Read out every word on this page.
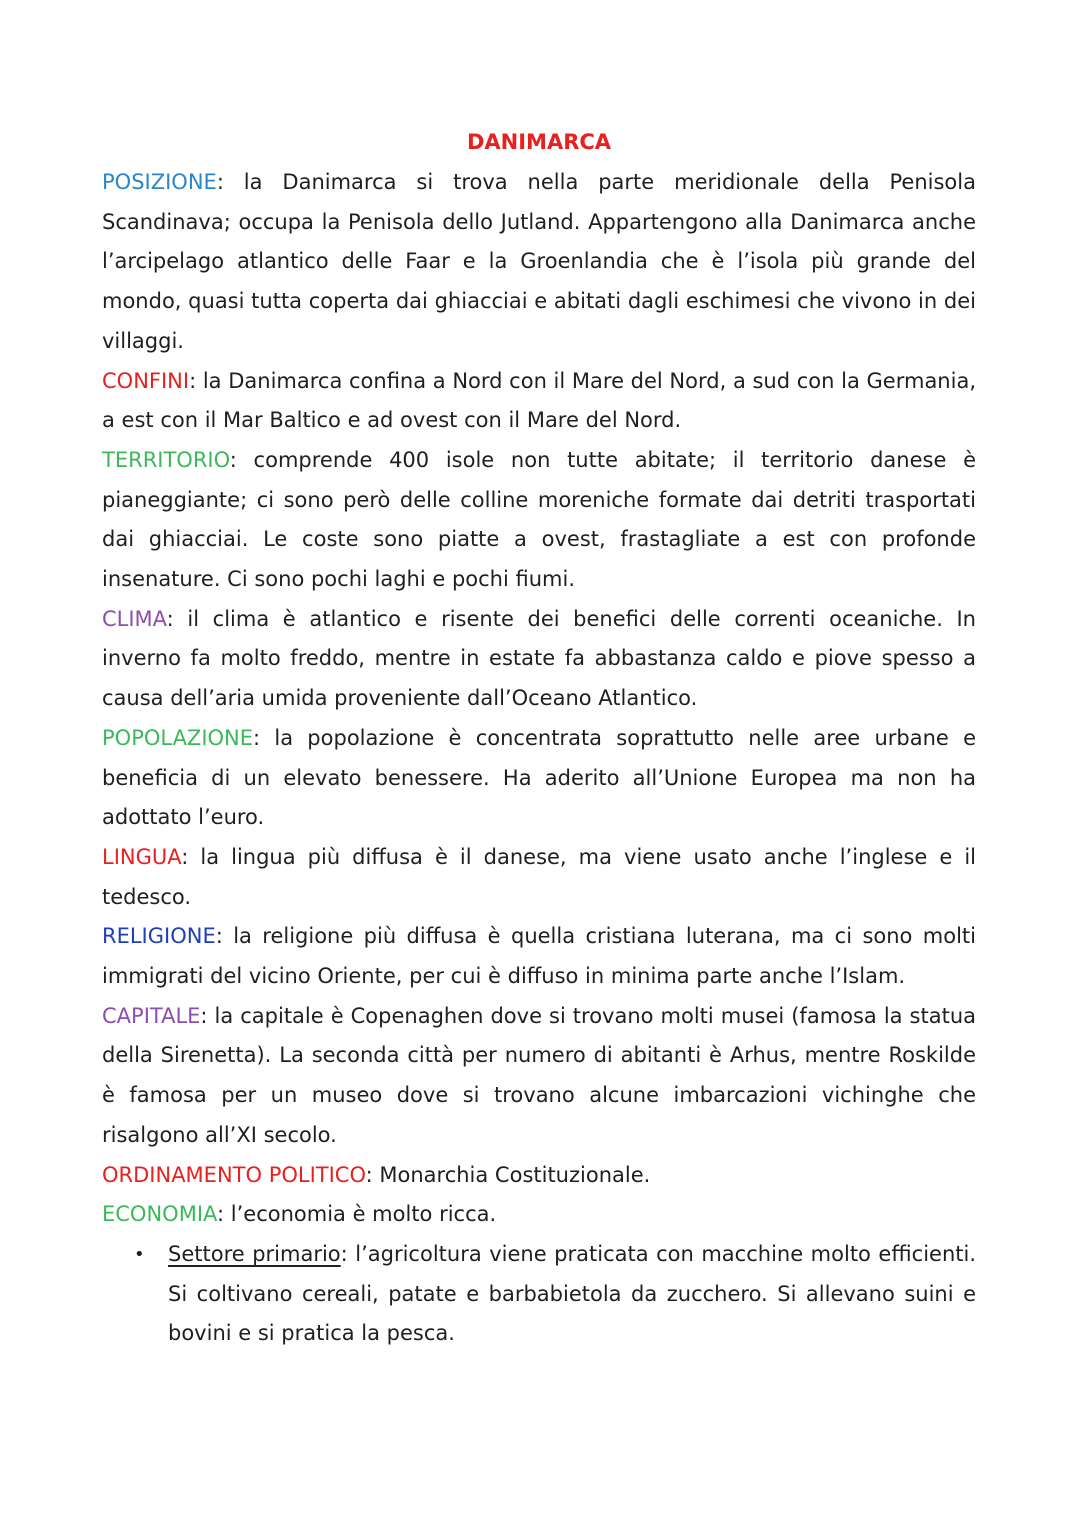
DANIMARCA

POSIZIONE: la Danimarca si trova nella parte meridionale della Penisola Scandinava; occupa la Penisola dello Jutland. Appartengono alla Danimarca anche l’arcipelago atlantico delle Faar e la Groenlandia che è l’isola più grande del mondo, quasi tutta coperta dai ghiacciai e abitati dagli eschimesi che vivono in dei villaggi.

CONFINI: la Danimarca confina a Nord con il Mare del Nord, a sud con la Germania, a est con il Mar Baltico e ad ovest con il Mare del Nord.

TERRITORIO: comprende 400 isole non tutte abitate; il territorio danese è pianeggiante; ci sono però delle colline moreniche formate dai detriti trasportati dai ghiacciai. Le coste sono piatte a ovest, frastagliate a est con profonde insenature. Ci sono pochi laghi e pochi fiumi.

CLIMA: il clima è atlantico e risente dei benefici delle correnti oceaniche. In inverno fa molto freddo, mentre in estate fa abbastanza caldo e piove spesso a causa dell’aria umida proveniente dall’Oceano Atlantico.

POPOLAZIONE: la popolazione è concentrata soprattutto nelle aree urbane e beneficia di un elevato benessere. Ha aderito all’Unione Europea ma non ha adottato l’euro.

LINGUA: la lingua più diffusa è il danese, ma viene usato anche l’inglese e il tedesco.

RELIGIONE: la religione più diffusa è quella cristiana luterana, ma ci sono molti immigrati del vicino Oriente, per cui è diffuso in minima parte anche l’Islam.

CAPITALE: la capitale è Copenaghen dove si trovano molti musei (famosa la statua della Sirenetta). La seconda città per numero di abitanti è Arhus, mentre Roskilde è famosa per un museo dove si trovano alcune imbarcazioni vichinghe che risalgono all’XI secolo.

ORDINAMENTO POLITICO: Monarchia Costituzionale.

ECONOMIA: l’economia è molto ricca.

• Settore primario: l’agricoltura viene praticata con macchine molto efficienti. Si coltivano cereali, patate e barbabietola da zucchero. Si allevano suini e bovini e si pratica la pesca.
